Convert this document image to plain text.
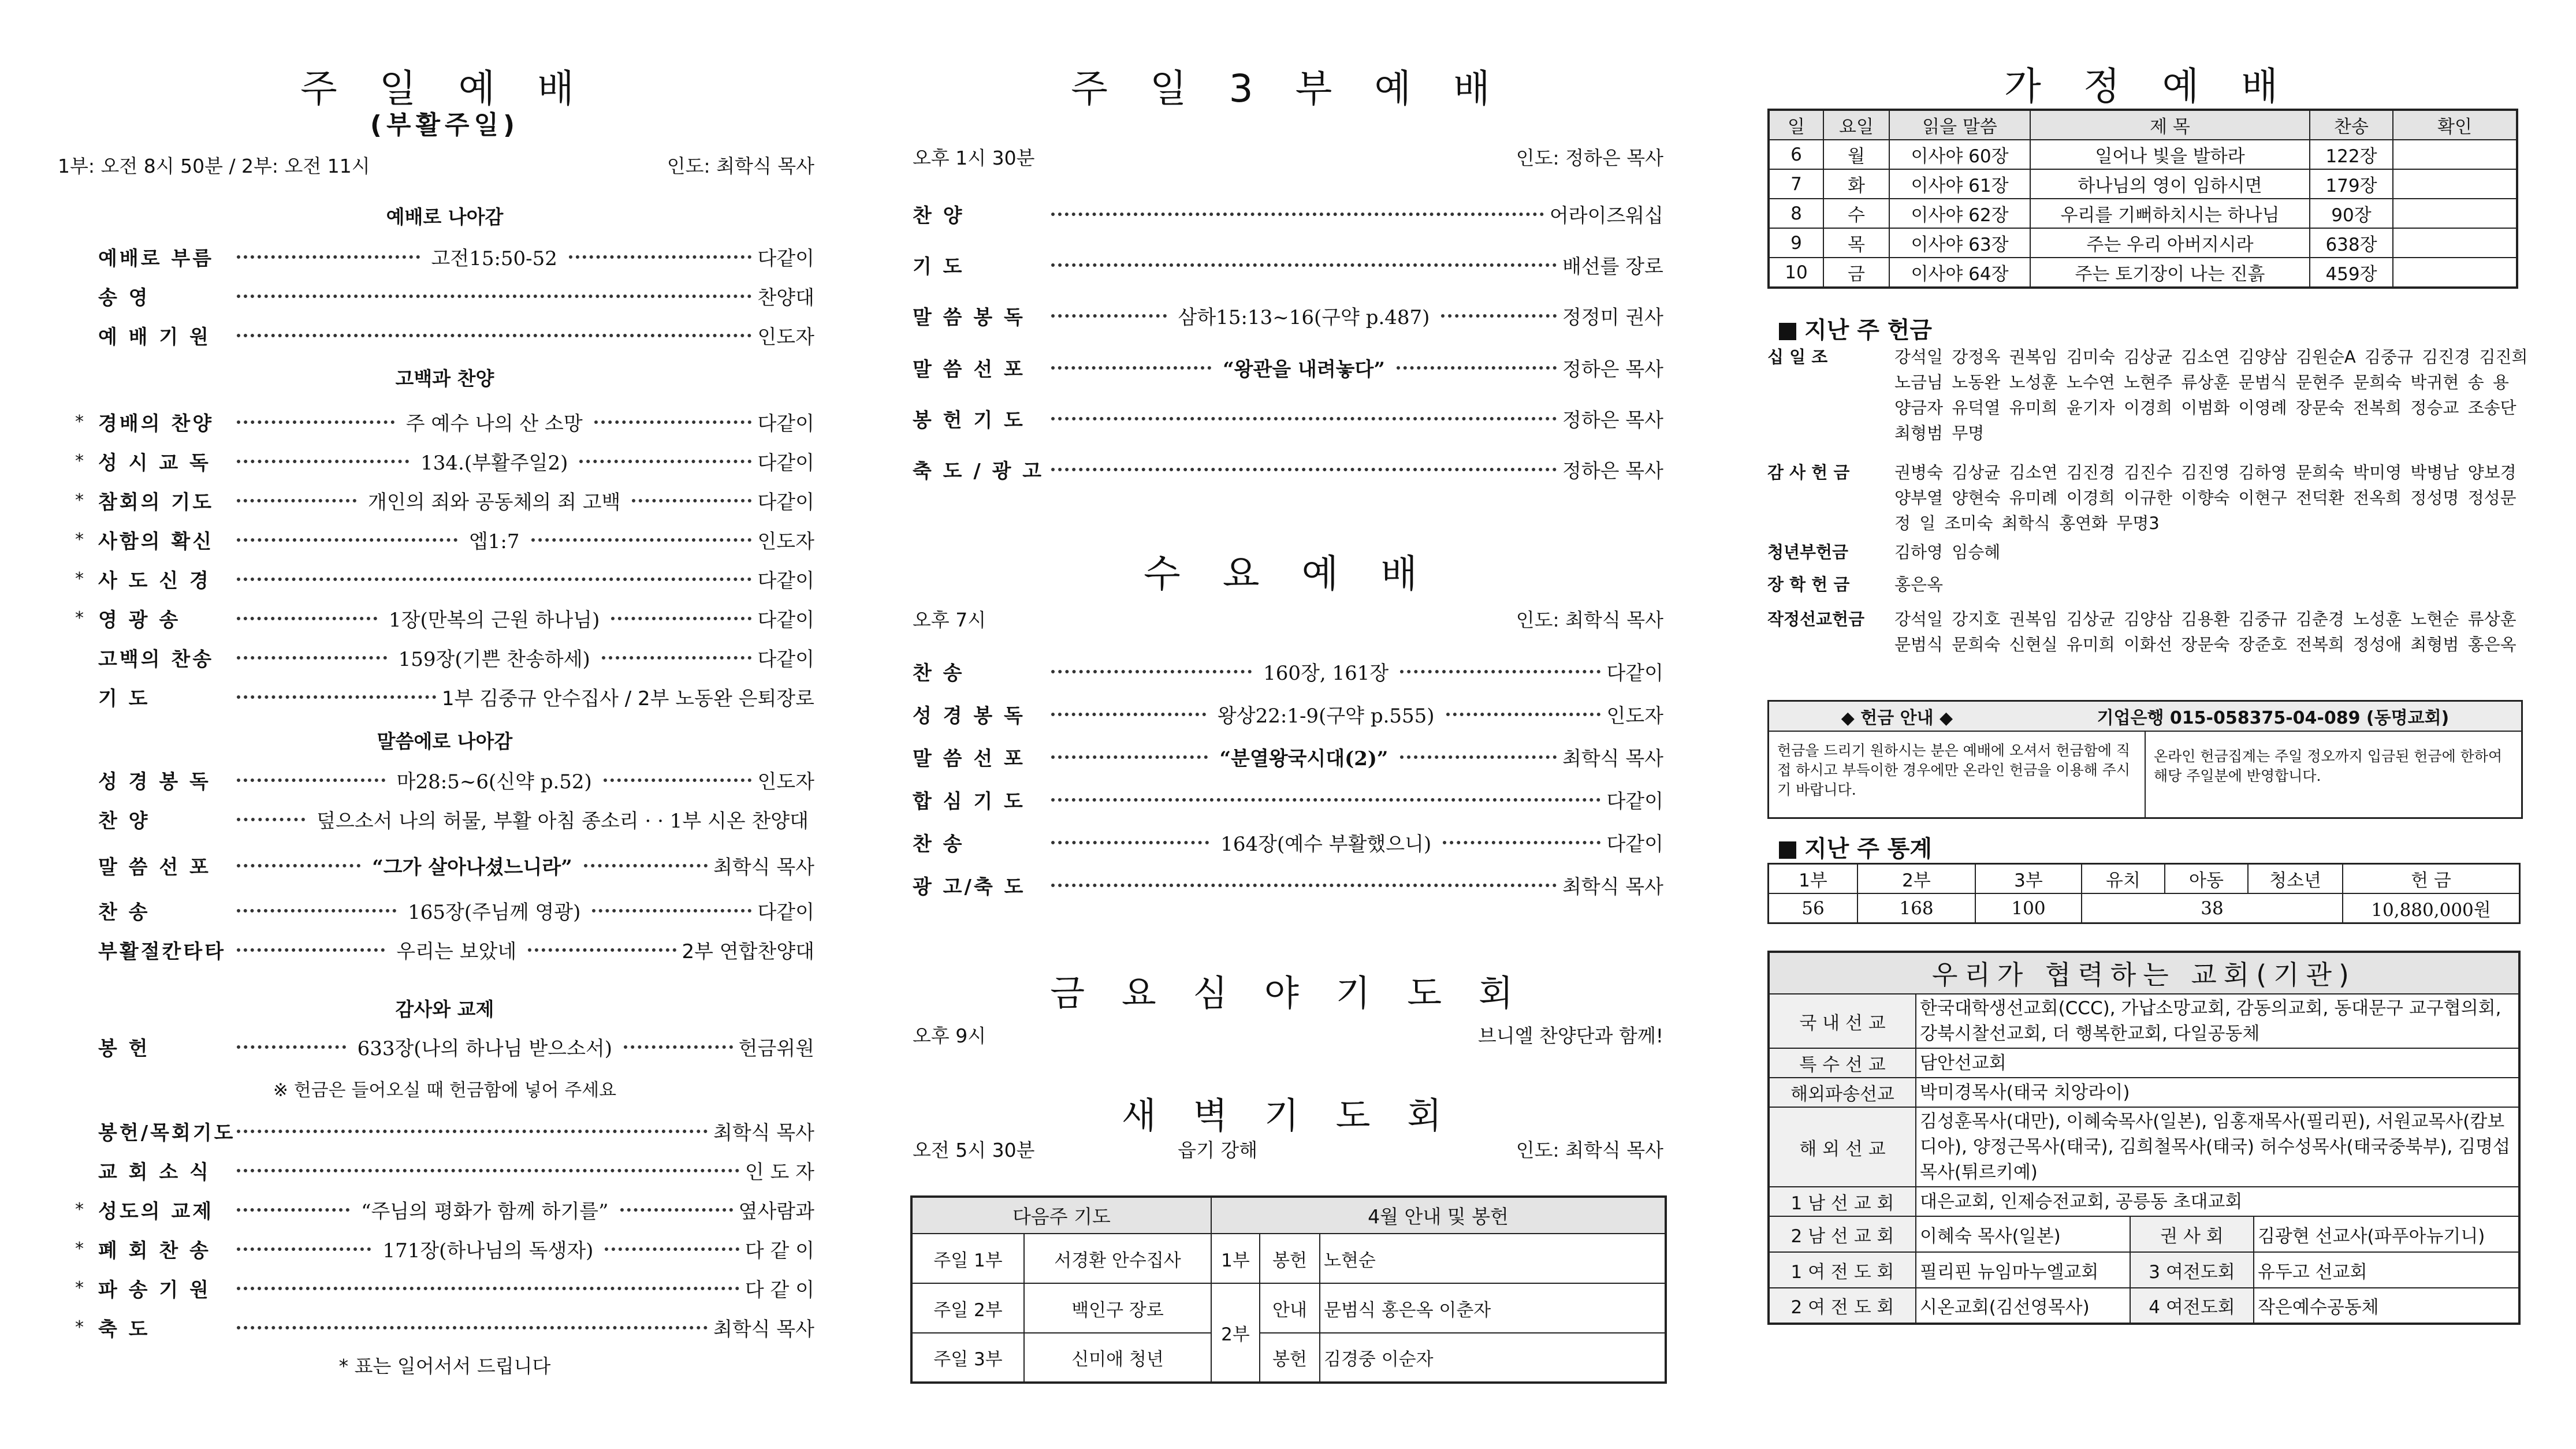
주 일 예 배
(부활주일)
1부: 오전 8시 50분 / 2부: 오전 11시	인도: 최학식 목사
예배로 나아감
고백과 찬양
말씀에로 나아감
감사와 교제
※ 헌금은 들어오실 때 헌금함에 넣어 주세요
* 표는 일어서서 드립니다
예배로 부름	고전15:50-52	다같이
송 영	찬양대
예 배 기 원	인도자
* 경배의 찬양	주 예수 나의 산 소망	다같이
* 성 시 교 독	134.(부활주일2)	다같이
* 참회의 기도	개인의 죄와 공동체의 죄 고백	다같이
* 사함의 확신	엡1:7	인도자
* 사 도 신 경	다같이
* 영 광 송	1장(만복의 근원 하나님)	다같이
고백의 찬송	159장(기쁜 찬송하세)	다같이
기 도	1부 김중규 안수집사 / 2부 노동완 은퇴장로
성 경 봉 독	마28:5~6(신약 p.52)	인도자
찬 양	덮으소서 나의 허물, 부활 아침 종소리 · · 1부 시온 찬양대
말 씀 선 포	“그가 살아나셨느니라”	최학식 목사
찬 송	165장(주님께 영광)	다같이
부활절칸타타	우리는 보았네	2부 연합찬양대
봉 헌	633장(나의 하나님 받으소서)	헌금위원
봉헌/목회기도	최학식 목사
교 회 소 식	인 도 자
* 성도의 교제	“주님의 평화가 함께 하기를”	옆사람과
* 폐 회 찬 송	171장(하나님의 독생자)	다 같 이
* 파 송 기 원	다 같 이
* 축 도	최학식 목사
주 일 3 부 예 배
오후 1시 30분	인도: 정하은 목사
찬 양	어라이즈워십
기 도	배선를 장로
말 씀 봉 독	삼하15:13~16(구약 p.487)	정정미 권사
말 씀 선 포	“왕관을 내려놓다”	정하은 목사
봉 헌 기 도	정하은 목사
축 도 / 광 고	정하은 목사
수 요 예 배
오후 7시	인도: 최학식 목사
찬 송	160장, 161장	다같이
성 경 봉 독	왕상22:1-9(구약 p.555)	인도자
말 씀 선 포	“분열왕국시대(2)”	최학식 목사
합 심 기 도	다같이
찬 송	164장(예수 부활했으니)	다같이
광 고/축 도	최학식 목사
금 요 심 야 기 도 회
오후 9시	브니엘 찬양단과 함께!
새 벽 기 도 회
오전 5시 30분	읍기 강해	인도: 최학식 목사
다음주 기도		4월 안내 및 봉헌		
주일 1부	서경환 안수집사	1부	봉헌	노현순
주일 2부	백인구 장로	2부	안내	문범식 홍은옥 이춘자
주일 3부	신미애 청년		봉헌	김경중 이순자
가 정 예 배
일	요일	읽을 말씀	제 목	찬송	확인
6	월	이사야 60장	일어나 빛을 발하라	122장	
7	화	이사야 61장	하나님의 영이 임하시면	179장	
8	수	이사야 62장	우리를 기뻐하치시는 하나님	90장	
9	목	이사야 63장	주는 우리 아버지시라	638장	
10	금	이사야 64장	주는 토기장이 나는 진흙	459장	
지난 주 헌금
십 일 조	강석일 강정옥 권복임 김미숙 김상균 김소연 김양삼 김원순A 김중규 김진경 김진희 노금님 노동완 노성훈 노수연 노현주 류상훈 문범식 문현주 문희숙 박귀현 송 용 양금자 유덕열 유미희 윤기자 이경희 이범화 이영례 장문숙 전복희 정승교 조송단 최형범 무명
감 사 헌 금	권병숙 김상균 김소연 김진경 김진수 김진영 김하영 문희숙 박미영 박병남 양보경 양부열 양현숙 유미례 이경희 이규한 이향숙 이현구 전덕환 전옥희 정성명 정성문 정 일 조미숙 최학식 홍연화 무명3
청년부헌금	김하영 임승혜
장 학 헌 금	홍은옥
작정선교헌금	강석일 강지호 권복임 김상균 김양삼 김용환 김중규 김춘경 노성훈 노현순 류상훈 문범식 문희숙 신현실 유미희 이화선 장문숙 장준호 전복희 정성애 최형범 홍은옥
◆ 헌금 안내 ◆	기업은행 015-058375-04-089 (동명교회)
헌금을 드리기 원하시는 분은 예배에 오셔서 헌금함에 직접 하시고 부득이한 경우에만 온라인 헌금을 이용해 주시기 바랍니다.
온라인 헌금집계는 주일 정오까지 입금된 헌금에 한하여 해당 주일분에 반영합니다.
지난 주 통계
1부	2부	3부	유치	아동	청소년	헌 금
56	168	100	38			10,880,000원
우리가 협력하는 교회(기관)			
국 내 선 교	한국대학생선교회(CCC), 가납소망교회, 감동의교회, 동대문구 교구협의회, 강북시찰선교회, 더 행복한교회, 다일공동체		
특 수 선 교	담안선교회		
해외파송선교	박미경목사(태국 치앙라이)		
해 외 선 교	김성훈목사(대만), 이혜숙목사(일본), 임홍재목사(필리핀), 서원교목사(캄보디아), 양정근목사(태국), 김희철목사(태국) 허수성목사(태국중북부), 김명섭목사(튀르키예)		
1 남 선 교 회	대은교회, 인제승전교회, 공릉동 초대교회		
2 남 선 교 회	이혜숙 목사(일본)	권 사 회	김광현 선교사(파푸아뉴기니)
1 여 전 도 회	필리핀 뉴임마누엘교회	3 여전도회	유두고 선교회
2 여 전 도 회	시온교회(김선영목사)	4 여전도회	작은예수공동체
